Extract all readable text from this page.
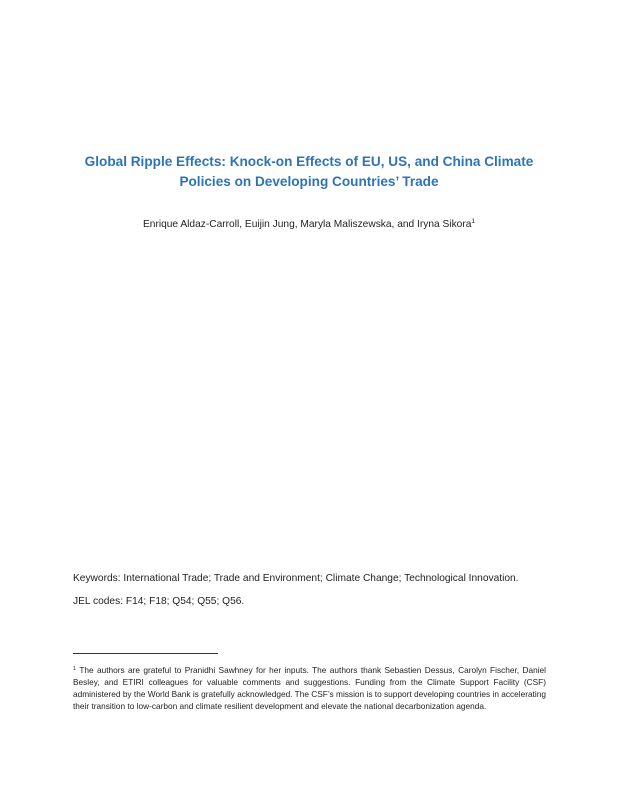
Global Ripple Effects: Knock-on Effects of EU, US, and China Climate Policies on Developing Countries’ Trade
Enrique Aldaz-Carroll, Euijin Jung, Maryla Maliszewska, and Iryna Sikora$^1$
Keywords: International Trade; Trade and Environment; Climate Change; Technological Innovation.
JEL codes: F14; F18; Q54; Q55; Q56.
$^1$ The authors are grateful to Pranidhi Sawhney for her inputs. The authors thank Sebastien Dessus, Carolyn Fischer, Daniel Besley, and ETIRI colleagues for valuable comments and suggestions. Funding from the Climate Support Facility (CSF) administered by the World Bank is gratefully acknowledged. The CSF’s mission is to support developing countries in accelerating their transition to low-carbon and climate resilient development and elevate the national decarbonization agenda.
